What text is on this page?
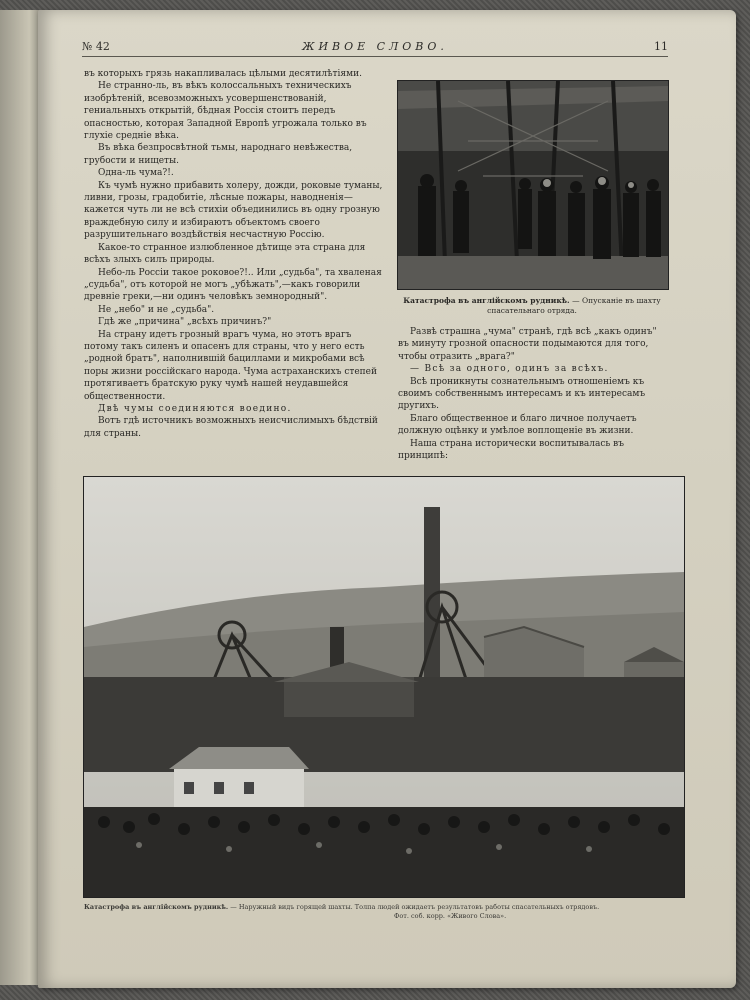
№ 42	ЖИВОЕ СЛОВО.	11

въ которыхъ грязь накапливалась цѣлыми десятилѣтіями.

Не странно-ль, въ вѣкъ колоссальныхъ техническихъ изобрѣтеній, всевозможныхъ усовершенствованій, гениальныхъ открытій, бѣдная Россія стоитъ передъ опасностью, которая Западной Европѣ угрожала только въ глухіе средніе вѣка.

Въ вѣка безпросвѣтной тьмы, народнаго невѣжества, грубости и нищеты.

Одна-ль чума?!.

Къ чумѣ нужно прибавить холеру, дожди, роковые туманы, ливни, грозы, градобитіе, лѣсные пожары, наводненія—кажется чуть ли не всѣ стихіи объединились въ одну грозную враждебную силу и избираютъ объектомъ своего разрушительнаго воздѣйствія несчастную Россію.

Какое-то странное излюбленное дѣтище эта страна для всѣхъ злыхъ силъ природы.

Небо-ль Россіи такое роковое?!.. Или „судьба", та хваленая „судьба", отъ которой не могъ „убѣжать",—какъ говорили древніе греки,—ни одинъ человѣкъ земнородный".

Не „небо" и не „судьба".

Гдѣ же „причина" „всѣхъ причинъ?"

На страну идетъ грозный врагъ чума, но этотъ врагъ потому такъ силенъ и опасенъ для страны, что у него есть „родной братъ", наполнившій бациллами и микробами всѣ поры жизни россійскаго народа. Чума астраханскихъ степей протягиваетъ братскую руку чумѣ нашей неудавшейся общественности.

Двѣ чумы соединяются воедино.

Вотъ гдѣ источникъ возможныхъ неисчислимыхъ бѣдствій для страны.

Катастрофа въ англійскомъ рудникѣ. — Опусканіе въ шахту спасательнаго отряда.

Развѣ страшна „чума" странѣ, гдѣ всѣ „какъ одинъ" въ минуту грозной опасности подымаются для того, чтобы отразить „врага?"

— Всѣ за одного, одинъ за всѣхъ.

Всѣ проникнуты сознательнымъ отношеніемъ къ своимъ собственнымъ интересамъ и къ интересамъ другихъ.

Благо общественное и благо личное получаетъ должную оцѣнку и умѣлое воплощеніе въ жизни.

Наша страна исторически воспитывалась въ принципѣ:

Катастрофа въ англійскомъ рудникѣ. — Наружный видъ горящей шахты. Толпа людей ожидаетъ результатовъ работы спасательныхъ отрядовъ.
Фот. соб. корр. «Живого Слова».
